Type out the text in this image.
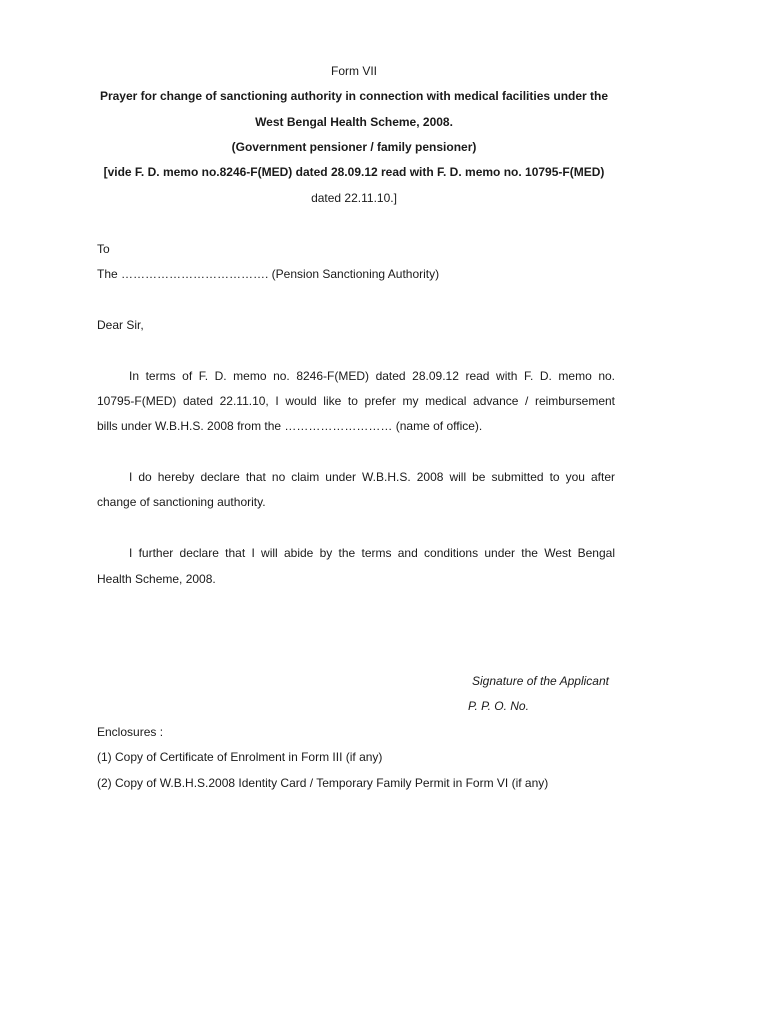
Form VII
Prayer for change of sanctioning authority in connection with medical facilities under the
West Bengal Health Scheme, 2008.
(Government pensioner / family pensioner)
[vide F. D. memo no.8246-F(MED) dated 28.09.12 read with F. D. memo no. 10795-F(MED)
dated 22.11.10.]
To
The ………………………………. (Pension Sanctioning Authority)
Dear Sir,
In terms of F. D. memo no. 8246-F(MED) dated 28.09.12 read with F. D. memo no.
10795-F(MED) dated 22.11.10, I would like to prefer my medical advance / reimbursement
bills under W.B.H.S. 2008 from the ……………………… (name of office).
I do hereby declare that no claim under W.B.H.S. 2008 will be submitted to you after
change of sanctioning authority.
I further declare that I will abide by the terms and conditions under the West Bengal
Health Scheme, 2008.
Signature of the Applicant
P. P. O. No.
Enclosures :
(1) Copy of Certificate of Enrolment in Form III (if any)
(2) Copy of W.B.H.S.2008 Identity Card / Temporary Family Permit in Form VI (if any)
